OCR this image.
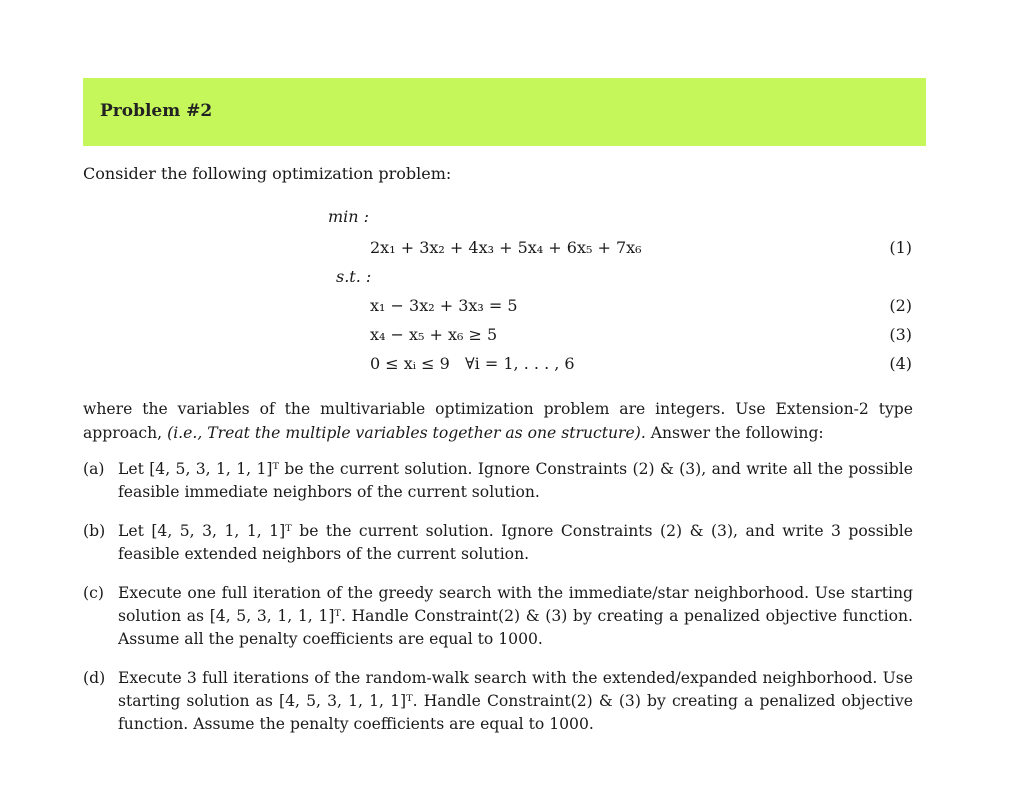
Problem #2
Consider the following optimization problem:
min :
2x₁ + 3x₂ + 4x₃ + 5x₄ + 6x₅ + 7x₆	(1)
s.t. :
x₁ − 3x₂ + 3x₃ = 5	(2)
x₄ − x₅ + x₆ ≥ 5	(3)
0 ≤ xᵢ ≤ 9   ∀i = 1, . . . , 6	(4)
where the variables of the multivariable optimization problem are integers. Use Extension-2 type approach, (i.e., Treat the multiple variables together as one structure). Answer the following:
(a) Let [4, 5, 3, 1, 1, 1]ᵀ be the current solution. Ignore Constraints (2) & (3), and write all the possible feasible immediate neighbors of the current solution.
(b) Let [4, 5, 3, 1, 1, 1]ᵀ be the current solution. Ignore Constraints (2) & (3), and write 3 possible feasible extended neighbors of the current solution.
(c) Execute one full iteration of the greedy search with the immediate/star neighborhood. Use starting solution as [4, 5, 3, 1, 1, 1]ᵀ. Handle Constraint(2) & (3) by creating a penalized objective function. Assume all the penalty coefficients are equal to 1000.
(d) Execute 3 full iterations of the random-walk search with the extended/expanded neighborhood. Use starting solution as [4, 5, 3, 1, 1, 1]ᵀ. Handle Constraint(2) & (3) by creating a penalized objective function. Assume the penalty coefficients are equal to 1000.
